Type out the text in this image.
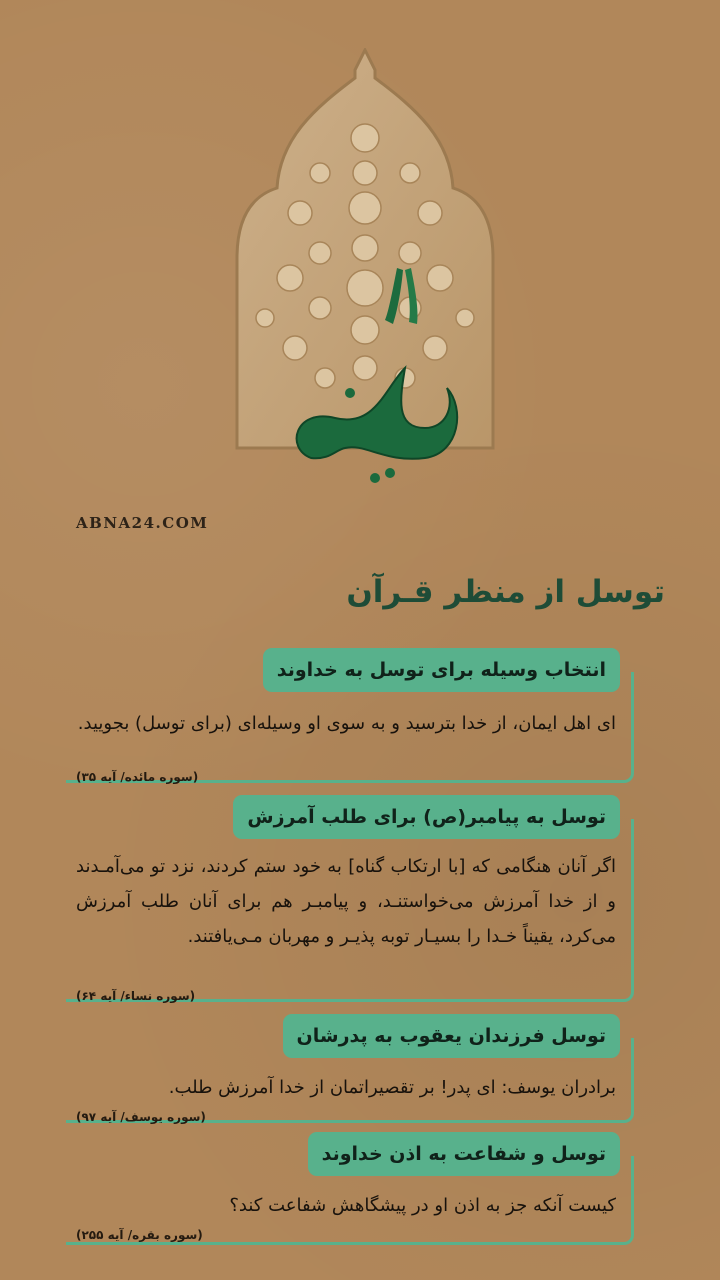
ABNA24.COM
توسل از منظر قـرآن
انتخاب وسیله برای توسل به خداوند
ای اهل ایمان، از خدا بترسید و به سوی او وسیله‌ای (برای توسل) بجویید.
(سوره مائده/ آیه ۳۵)
توسل به پیامبر(ص) برای طلب آمرزش
اگر آنان هنگامی که [با ارتکاب گناه] به خود ستم کردند، نزد تو می‌آمـدند و از خدا آمرزش می‌خواستنـد، و پیامبـر هم برای آنان طلب آمرزش می‌کرد، یقیناً خـدا را بسیـار توبه پذیـر و مهربان مـی‌یافتند.
(سوره نساء/ آیه ۶۴)
توسل فرزندان یعقوب به پدرشان
برادران یوسف: ای پدر! بر تقصیراتمان از خدا آمرزش طلب.
(سوره یوسف/ آیه ۹۷)
توسل و شفاعت به اذن خداوند
کیست آنکه جز به اذن او در پیشگاهش شفاعت کند؟
(سوره بقره/ آیه ۲۵۵)
